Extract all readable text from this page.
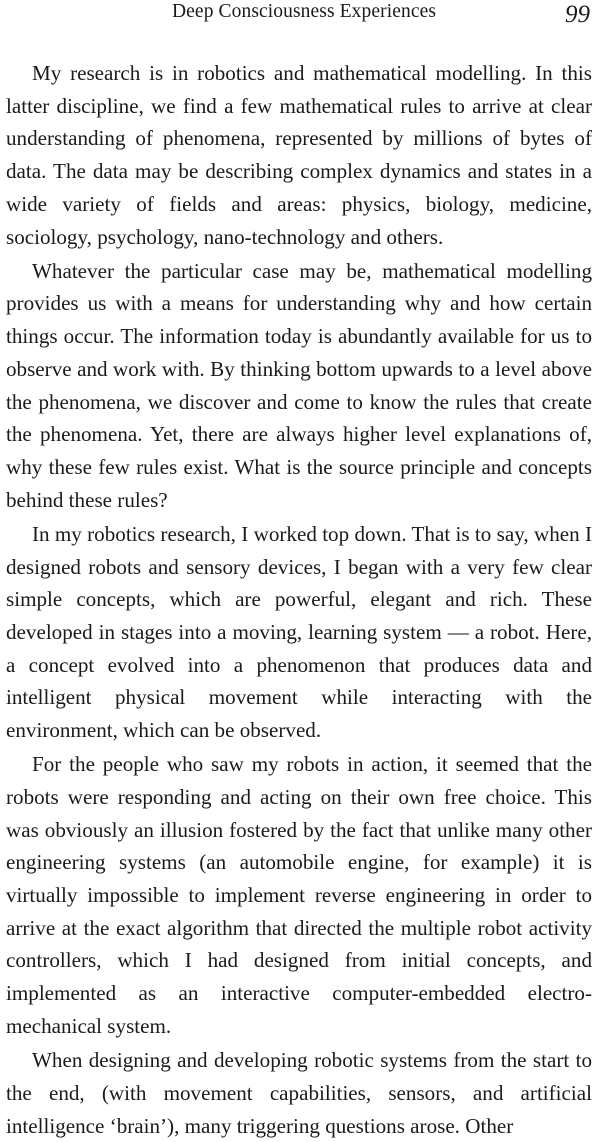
Deep Consciousness Experiences	99

My research is in robotics and mathematical modelling. In this latter discipline, we find a few mathematical rules to arrive at clear understanding of phenomena, represented by millions of bytes of data. The data may be describing complex dynamics and states in a wide variety of fields and areas: physics, biology, medicine, sociology, psychology, nano-technology and others.

Whatever the particular case may be, mathematical modelling provides us with a means for understanding why and how certain things occur. The information today is abundantly available for us to observe and work with. By thinking bottom upwards to a level above the phenomena, we discover and come to know the rules that create the phenomena. Yet, there are always higher level explanations of, why these few rules exist. What is the source principle and concepts behind these rules?

In my robotics research, I worked top down. That is to say, when I designed robots and sensory devices, I began with a very few clear simple concepts, which are powerful, elegant and rich. These developed in stages into a moving, learning system — a robot. Here, a concept evolved into a phenomenon that produces data and intelligent physical movement while interacting with the environment, which can be observed.

For the people who saw my robots in action, it seemed that the robots were responding and acting on their own free choice. This was obviously an illusion fostered by the fact that unlike many other engineering systems (an automobile engine, for example) it is virtually impossible to implement reverse engineering in order to arrive at the exact algorithm that directed the multiple robot activity controllers, which I had designed from initial concepts, and implemented as an interactive computer-embedded electro-mechanical system.

When designing and developing robotic systems from the start to the end, (with movement capabilities, sensors, and artificial intelligence ‘brain’), many triggering questions arose. Other
